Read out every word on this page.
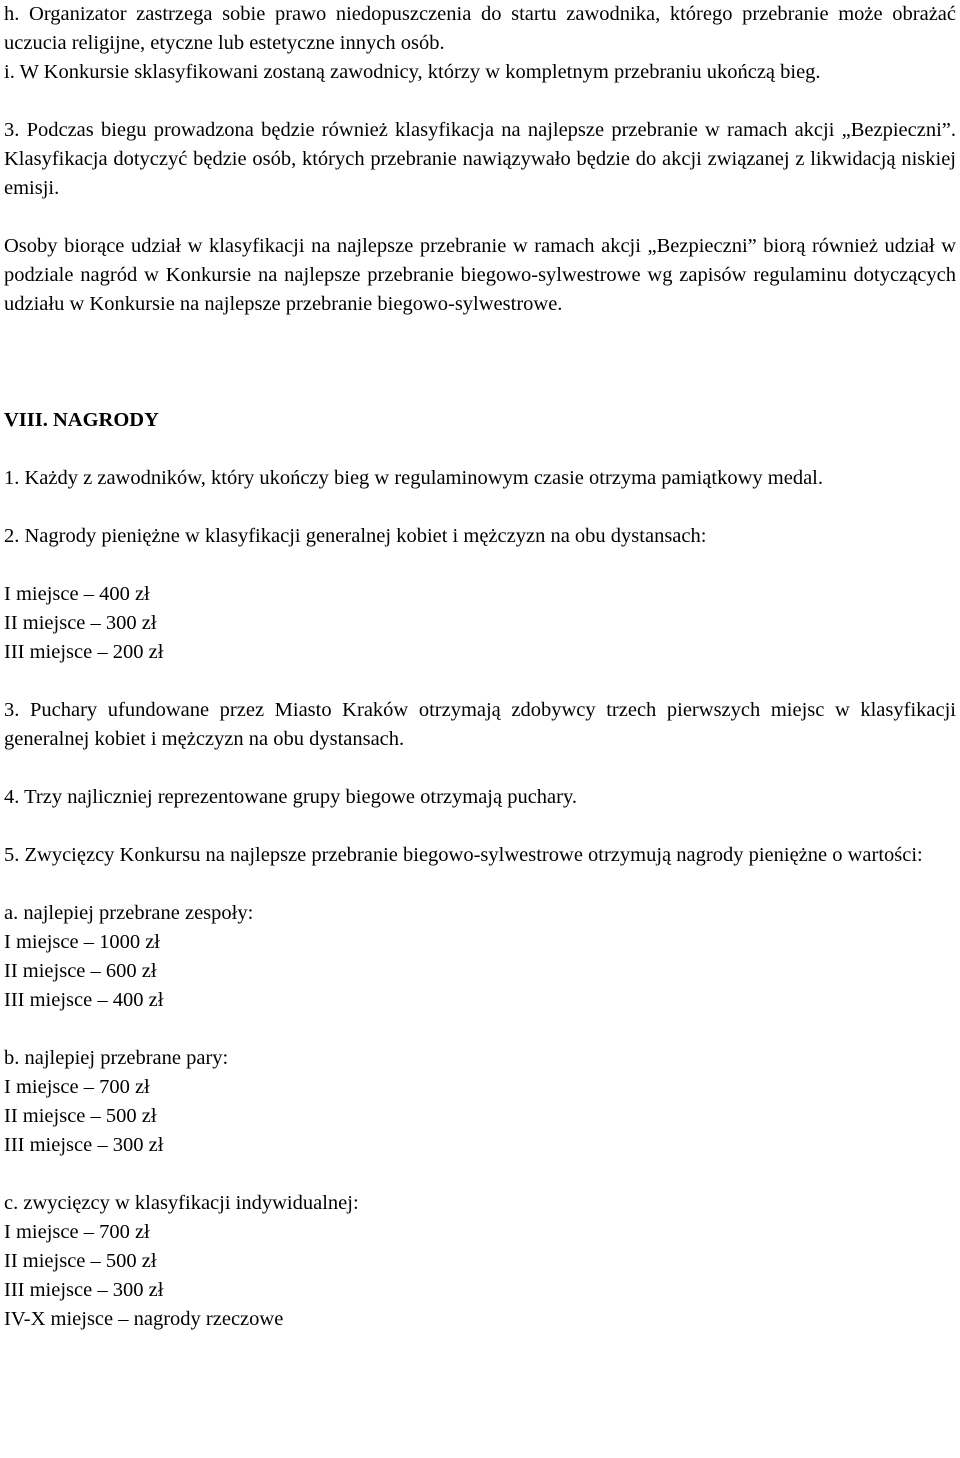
h. Organizator zastrzega sobie prawo niedopuszczenia do startu zawodnika, którego przebranie może obrażać uczucia religijne, etyczne lub estetyczne innych osób.

i. W Konkursie sklasyfikowani zostaną zawodnicy, którzy w kompletnym przebraniu ukończą bieg.

3. Podczas biegu prowadzona będzie również klasyfikacja na najlepsze przebranie w ramach akcji „Bezpieczni”. Klasyfikacja dotyczyć będzie osób, których przebranie nawiązywało będzie do akcji związanej z likwidacją niskiej emisji.

Osoby biorące udział w klasyfikacji na najlepsze przebranie w ramach akcji „Bezpieczni” biorą również udział w podziale nagród w Konkursie na najlepsze przebranie biegowo-sylwestrowe wg zapisów regulaminu dotyczących udziału w Konkursie na najlepsze przebranie biegowo-sylwestrowe.

VIII. NAGRODY

1. Każdy z zawodników, który ukończy bieg w regulaminowym czasie otrzyma pamiątkowy medal.

2. Nagrody pieniężne w klasyfikacji generalnej kobiet i mężczyzn na obu dystansach:

I miejsce – 400 zł

II miejsce – 300 zł

III miejsce – 200 zł

3. Puchary ufundowane przez Miasto Kraków otrzymają zdobywcy trzech pierwszych miejsc w klasyfikacji generalnej kobiet i mężczyzn na obu dystansach.

4. Trzy najliczniej reprezentowane grupy biegowe otrzymają puchary.

5. Zwycięzcy Konkursu na najlepsze przebranie biegowo-sylwestrowe otrzymują nagrody pieniężne o wartości:

a. najlepiej przebrane zespoły:

I miejsce – 1000 zł

II miejsce – 600 zł

III miejsce – 400 zł

b. najlepiej przebrane pary:

I miejsce – 700 zł

II miejsce – 500 zł

III miejsce – 300 zł

c. zwycięzcy w klasyfikacji indywidualnej:

I miejsce – 700 zł

II miejsce – 500 zł

III miejsce – 300 zł

IV-X miejsce – nagrody rzeczowe
